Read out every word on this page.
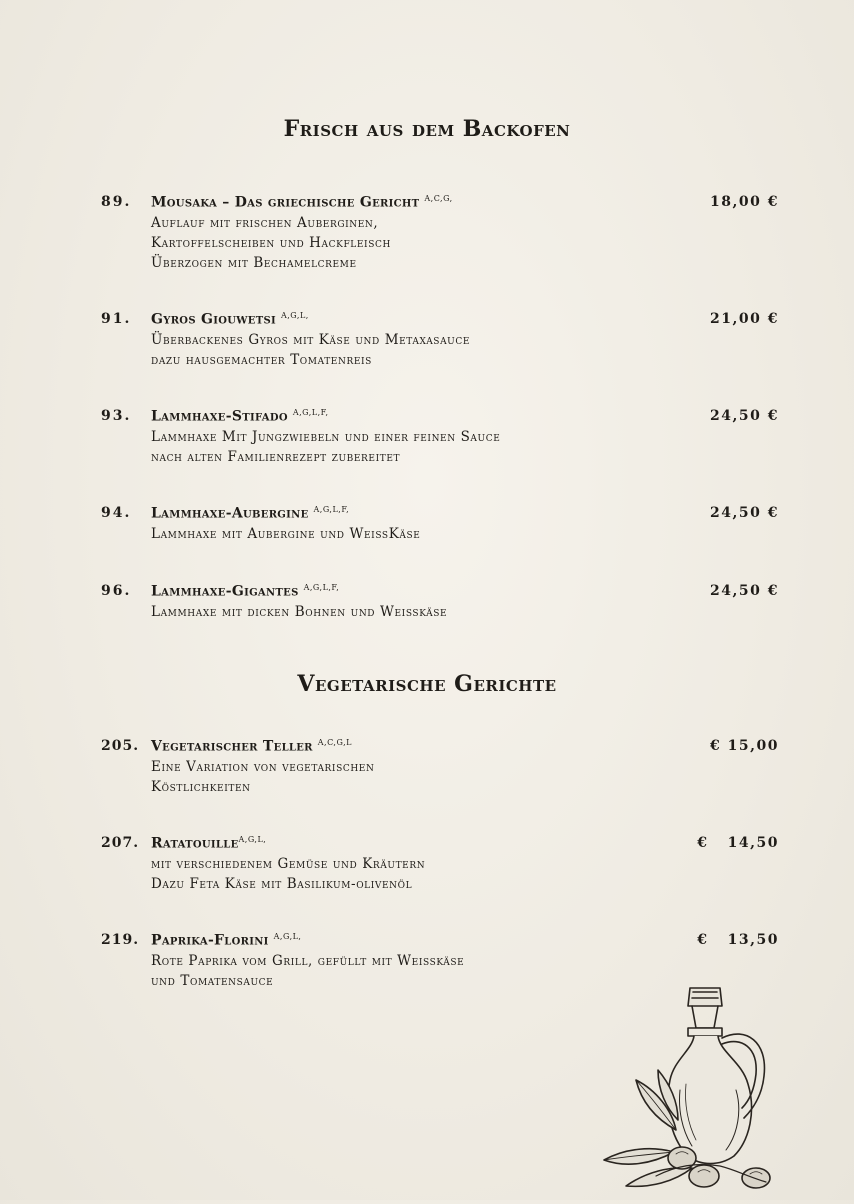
Frisch aus dem Backofen
89. Mousaka – Das griechische Gericht $^{A,C,G,}$	18,00 €
Auflauf mit frischen Auberginen,
Kartoffelscheiben und Hackfleisch
Überzogen mit Bechamelcreme
91. Gyros Giouwetsi $^{A,G,L,}$	21,00 €
Überbackenes Gyros mit Käse und Metaxasauce
dazu hausgemachter Tomatenreis
93. Lammhaxe-Stifado $^{A,G,L,F,}$	24,50 €
Lammhaxe Mit Jungzwiebeln und einer feinen Sauce
nach alten Familienrezept zubereitet
94. Lammhaxe-Aubergine $^{A,G,L,F,}$	24,50 €
Lammhaxe mit Aubergine und WeissKäse
96. Lammhaxe-Gigantes $^{A,G,L,F,}$	24,50 €
Lammhaxe mit dicken Bohnen und Weisskäse
Vegetarische Gerichte
205. Vegetarischer Teller $^{A,C,G,L}$	€ 15,00
Eine Variation von vegetarischen
Köstlichkeiten
207. Ratatouille$^{A,G,L,}$	€   14,50
mit verschiedenem Gemüse und Kräutern
Dazu Feta Käse mit Basilikum-olivenöl
219. Paprika-Florini $^{A,G,L,}$	€   13,50
Rote Paprika vom Grill, gefüllt mit Weisskäse
und Tomatensauce
